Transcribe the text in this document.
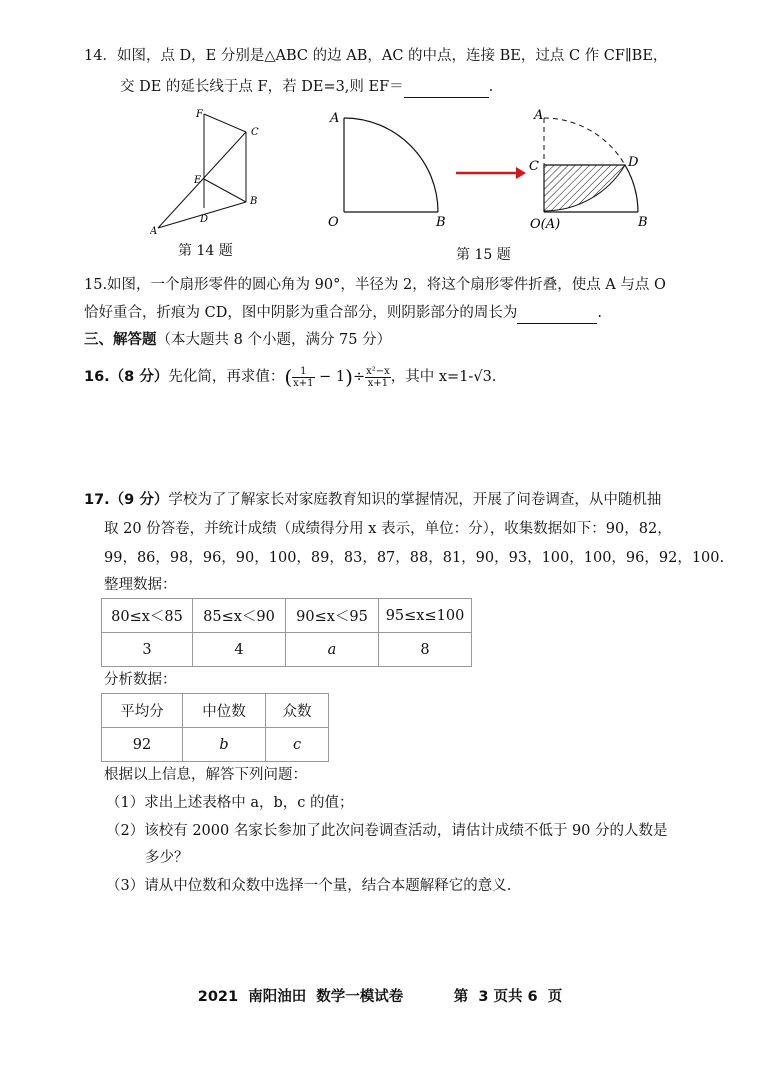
14．如图，点 D，E 分别是△ABC 的边 AB，AC 的中点，连接 BE，过点 C 作 CF∥BE，
交 DE 的延长线于点 F，若 DE=3,则 EF＝	.
F
C
E
B
D
A
第 14 题
A
O	B
A
C	D
O(A)	B
第 15 题
15.如图，一个扇形零件的圆心角为 90°，半径为 2，将这个扇形零件折叠，使点 A 与点 O
恰好重合，折痕为 CD，图中阴影为重合部分，则阴影部分的周长为	.
三、解答题（本大题共 8 个小题，满分 75 分）
16.（8 分）先化简，再求值：( $\frac{1}{x+1} - 1)\div \frac{\text{x²−x}}{x+1}$ ，其中 x=1-√3.
17.（9 分）学校为了了解家长对家庭教育知识的掌握情况，开展了问卷调查，从中随机抽
取 20 份答卷，并统计成绩（成绩得分用 x 表示，单位：分），收集数据如下：90，82，
99，86，98，96，90，100，89，83，87，88，81，90，93，100，100，96，92，100.
整理数据：
80≤x＜85	85≤x＜90	90≤x＜95	95≤x≤100
3	4	a	8
分析数据：
平均分	中位数	众数
92	b	c
根据以上信息，解答下列问题：
（1）求出上述表格中 a，b，c 的值；
（2）该校有 2000 名家长参加了此次问卷调查活动，请估计成绩不低于 90 分的人数是
多少？
（3）请从中位数和众数中选择一个量，结合本题解释它的意义.
2021  南阳油田  数学一模试卷          第  3 页共 6  页
